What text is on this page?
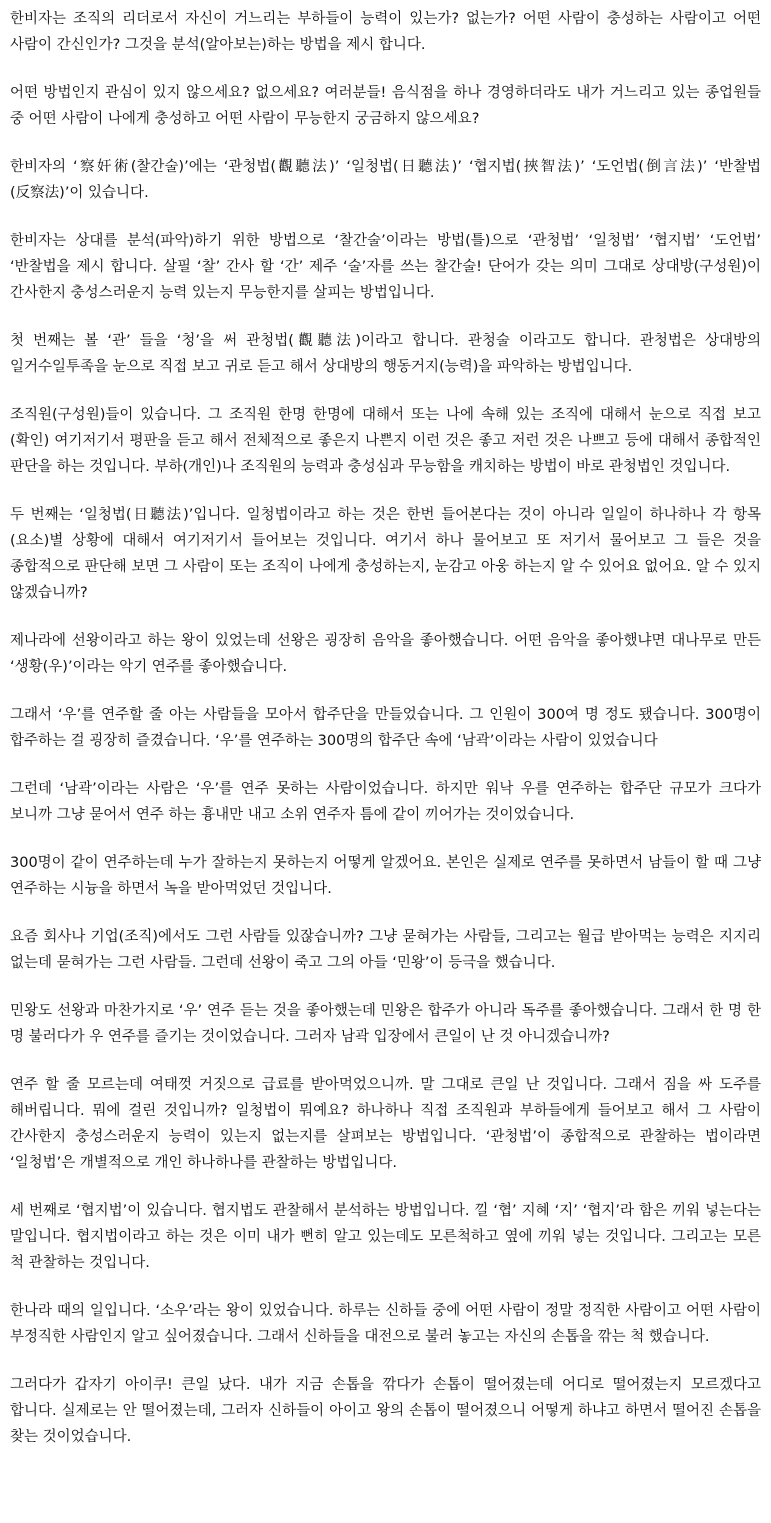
한비자는 조직의 리더로서 자신이 거느리는 부하들이 능력이 있는가? 없는가? 어떤 사람이 충성하는 사람이고 어떤 사람이 간신인가? 그것을 분석(알아보는)하는 방법을 제시 합니다.

어떤 방법인지 관심이 있지 않으세요? 없으세요? 여러분들! 음식점을 하나 경영하더라도 내가 거느리고 있는 종업원들 중 어떤 사람이 나에게 충성하고 어떤 사람이 무능한지 궁금하지 않으세요?

한비자의 ‘察奸術(찰간술)’에는 ‘관청법(觀聽法)’ ‘일청법(日聽法)’ ‘협지법(挾智法)’ ‘도언법(倒言法)’ ‘반찰법(反察法)’이 있습니다.

한비자는 상대를 분석(파악)하기 위한 방법으로 ‘찰간술’이라는 방법(틀)으로 ‘관청법’ ‘일청법’ ‘협지법’ ‘도언법’ ‘반찰법을 제시 합니다. 살필 ‘찰’ 간사 할 ‘간’ 제주 ‘술’자를 쓰는 찰간술! 단어가 갖는 의미 그대로 상대방(구성원)이 간사한지 충성스러운지 능력 있는지 무능한지를 살피는 방법입니다.

첫 번째는 볼 ‘관’ 들을 ‘청’을 써 관청법(觀聽法)이라고 합니다. 관청술 이라고도 합니다. 관청법은 상대방의 일거수일투족을 눈으로 직접 보고 귀로 듣고 해서 상대방의 행동거지(능력)을 파악하는 방법입니다.

조직원(구성원)들이 있습니다. 그 조직원 한명 한명에 대해서 또는 나에 속해 있는 조직에 대해서 눈으로 직접 보고(확인) 여기저기서 평판을 듣고 해서 전체적으로 좋은지 나쁜지 이런 것은 좋고 저런 것은 나쁘고 등에 대해서 종합적인 판단을 하는 것입니다. 부하(개인)나 조직원의 능력과 충성심과 무능함을 캐치하는 방법이 바로 관청법인 것입니다.

두 번째는 ‘일청법(日聽法)’입니다. 일청법이라고 하는 것은 한번 들어본다는 것이 아니라 일일이 하나하나 각 항목(요소)별 상황에 대해서 여기저기서 들어보는 것입니다. 여기서 하나 물어보고 또 저기서 물어보고 그 들은 것을 종합적으로 판단해 보면 그 사람이 또는 조직이 나에게 충성하는지, 눈감고 아웅 하는지 알 수 있어요 없어요. 알 수 있지 않겠습니까?

제나라에 선왕이라고 하는 왕이 있었는데 선왕은 굉장히 음악을 좋아했습니다. 어떤 음악을 좋아했냐면 대나무로 만든 ‘생황(우)’이라는 악기 연주를 좋아했습니다.

그래서 ‘우’를 연주할 줄 아는 사람들을 모아서 합주단을 만들었습니다. 그 인원이 300여 명 정도 됐습니다. 300명이 합주하는 걸 굉장히 즐겼습니다. ‘우’를 연주하는 300명의 합주단 속에 ‘남곽’이라는 사람이 있었습니다

그런데 ‘남곽’이라는 사람은 ‘우’를 연주 못하는 사람이었습니다. 하지만 워낙 우를 연주하는 합주단 규모가 크다가 보니까 그냥 묻어서 연주 하는 흉내만 내고 소위 연주자 틈에 같이 끼어가는 것이었습니다.

300명이 같이 연주하는데 누가 잘하는지 못하는지 어떻게 알겠어요. 본인은 실제로 연주를 못하면서 남들이 할 때 그냥 연주하는 시늉을 하면서 녹을 받아먹었던 것입니다.

요즘 회사나 기업(조직)에서도 그런 사람들 있잖습니까? 그냥 묻혀가는 사람들, 그리고는 월급 받아먹는 능력은 지지리 없는데 묻혀가는 그런 사람들. 그런데 선왕이 죽고 그의 아들 ‘민왕’이 등극을 했습니다.

민왕도 선왕과 마찬가지로 ‘우’ 연주 듣는 것을 좋아했는데 민왕은 합주가 아니라 독주를 좋아했습니다. 그래서 한 명 한 명 불러다가 우 연주를 즐기는 것이었습니다. 그러자 남곽 입장에서 큰일이 난 것 아니겠습니까?

연주 할 줄 모르는데 여태껏 거짓으로 급료를 받아먹었으니까. 말 그대로 큰일 난 것입니다. 그래서 짐을 싸 도주를 해버립니다. 뭐에 걸린 것입니까? 일청법이 뭐예요? 하나하나 직접 조직원과 부하들에게 들어보고 해서 그 사람이 간사한지 충성스러운지 능력이 있는지 없는지를 살펴보는 방법입니다. ‘관청법’이 종합적으로 관찰하는 법이라면 ‘일청법’은 개별적으로 개인 하나하나를 관찰하는 방법입니다.

세 번째로 ‘협지법’이 있습니다. 협지법도 관찰해서 분석하는 방법입니다. 낄 ‘협’ 지혜 ‘지’ ‘협지’라 함은 끼워 넣는다는 말입니다. 협지법이라고 하는 것은 이미 내가 뻔히 알고 있는데도 모른척하고 옆에 끼워 넣는 것입니다. 그리고는 모른 척 관찰하는 것입니다.

한나라 때의 일입니다. ‘소우’라는 왕이 있었습니다. 하루는 신하들 중에 어떤 사람이 정말 정직한 사람이고 어떤 사람이 부정직한 사람인지 알고 싶어졌습니다. 그래서 신하들을 대전으로 불러 놓고는 자신의 손톱을 깎는 척 했습니다.

그러다가 갑자기 아이쿠! 큰일 났다. 내가 지금 손톱을 깎다가 손톱이 떨어졌는데 어디로 떨어졌는지 모르겠다고 합니다. 실제로는 안 떨어졌는데, 그러자 신하들이 아이고 왕의 손톱이 떨어졌으니 어떻게 하냐고 하면서 떨어진 손톱을 찾는 것이었습니다.
